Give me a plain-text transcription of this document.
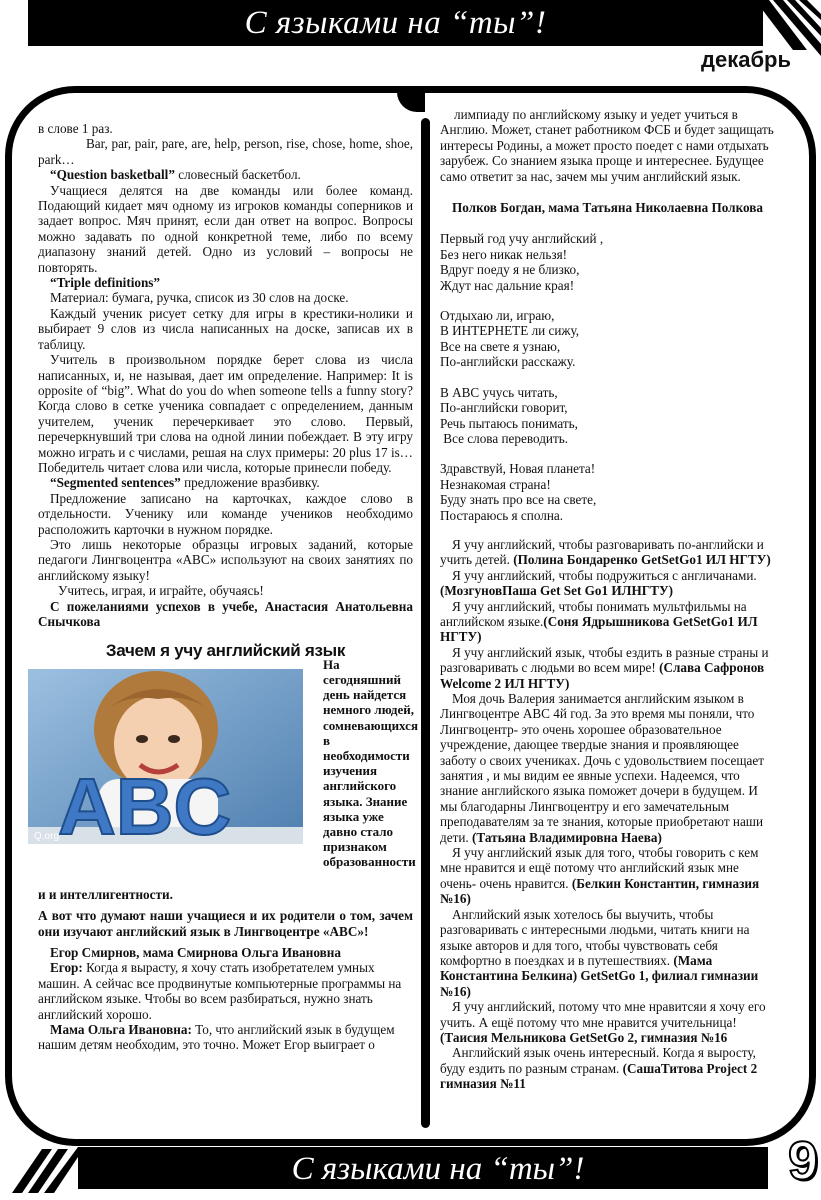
С языками на “ты”!
декабрь

в слове 1 раз.

Bar, par, pair, pare, are, help, person, rise, chose, home, shoe, park…

“Question basketball” словесный баскетбол.

Учащиеся делятся на две команды или более команд. Подающий кидает мяч одному из игроков команды соперников и задает вопрос. Мяч принят, если дан ответ на вопрос. Вопросы можно задавать по одной конкретной теме, либо по всему диапазону знаний детей. Одно из условий – вопросы не повторять.

“Triple definitions”

Материал: бумага, ручка, список из 30 слов на доске.

Каждый ученик рисует сетку для игры в крестики-нолики и выбирает 9 слов из числа написанных на доске, записав их в таблицу.

Учитель в произвольном порядке берет слова из числа написанных, и, не называя, дает им определение. Например: It is opposite of “big”. What do you do when someone tells a funny story? Когда слово в сетке ученика совпадает с определением, данным учителем, ученик перечеркивает это слово. Первый, перечеркнувший три слова на одной линии побеждает. В эту игру можно играть и с числами, решая на слух примеры: 20 plus 17 is… Победитель читает слова или числа, которые принесли победу.

“Segmented sentences” предложение вразбивку.

Предложение записано на карточках, каждое слово в отдельности. Ученику или команде учеников необходимо расположить карточки в нужном порядке.

Это лишь некоторые образцы игровых заданий, которые педагоги Лингвоцентра «АВС» используют на своих занятиях по английскому языку!

Учитесь, играя, и играйте, обучаясь!

С пожеланиями успехов в учебе, Анастасия Анатольевна Снычкова

Зачем я учу английский язык
ABC
Q.org
На сегодняшний день найдется немного людей, сомневающихся в необходимости изучения английского языка. Знание языка уже давно стало признаком образованности

и и интеллигентности.

А вот что думают наши учащиеся и их родители о том, зачем они изучают английский язык в Лингвоцентре «АВС»!

Егор Смирнов, мама Смирнова Ольга Ивановна

Егор: Когда я вырасту, я хочу стать изобретателем умных машин. А сейчас все продвинутые компьютерные программы на английском языке. Чтобы во всем разбираться, нужно знать английский хорошо.

Мама Ольга Ивановна: То, что английский язык в будущем нашим детям необходим, это точно. Может Егор выиграет о

лимпиаду по английскому языку и уедет учиться в Англию. Может, станет работником ФСБ и будет защищать интересы Родины, а может просто поедет с нами отдыхать зарубеж. Со знанием языка проще и интереснее. Будущее само ответит за нас, зачем мы учим английский язык.

Полков Богдан, мама Татьяна Николаевна Полкова

Первый год учу английский ,

Без него никак нельзя!

Вдруг поеду я не близко,

Ждут нас дальние края!

Отдыхаю ли, играю,

В ИНТЕРНЕТЕ ли сижу,

Все на свете я узнаю,

По-английски расскажу.

В АВС учусь читать,

По-английски говорит,

Речь пытаюсь понимать,

Все слова переводить.

Здравствуй, Новая планета!

Незнакомая страна!

Буду знать про все на свете,

Постараюсь я сполна.

Я учу английский, чтобы разговаривать по-английски и учить детей. (Полина Бондаренко GetSetGo1 ИЛ НГТУ)

Я учу английский, чтобы подружиться с англичанами. (МозгуновПаша Get Set Go1 ИЛНГТУ)

Я учу английский, чтобы понимать мультфильмы на английском языке.(Соня Ядрышникова GetSetGo1 ИЛ НГТУ)

Я учу английский язык, чтобы ездить в разные страны и разговаривать с людьми во всем мире! (Слава Сафронов Welcome 2 ИЛ НГТУ)

Моя дочь Валерия занимается английским языком в Лингвоцентре АВС 4й год. За это время мы поняли, что Лингвоцентр- это очень хорошее образовательное учреждение, дающее твердые знания и проявляющее заботу о своих учениках. Дочь с удовольствием посещает занятия , и мы видим ее явные успехи. Надеемся, что знание английского языка поможет дочери в будущем. И мы благодарны Лингвоцентру и его замечательным преподавателям за те знания, которые приобретают наши дети. (Татьяна Владимировна Наева)

Я учу английский язык для того, чтобы говорить с кем мне нравится и ещё потому что английский язык мне очень- очень нравится. (Белкин Константин, гимназия №16)

Английский язык хотелось бы выучить, чтобы разговаривать с интересными людьми, читать книги на языке авторов и для того, чтобы чувствовать себя комфортно в поездках и в путешествиях. (Мама Константина Белкина) GetSetGo 1, филиал гимназии №16)

Я учу английский, потому что мне нравитсяи я хочу его учить. А ещё потому что мне нравится учительница! (Таисия Мельникова GetSetGo 2, гимназия №16

Английский язык очень интересный. Когда я выросту, буду ездить по разным странам. (СашаТитова Project 2 гимназия №11

С языками на “ты”!	9
